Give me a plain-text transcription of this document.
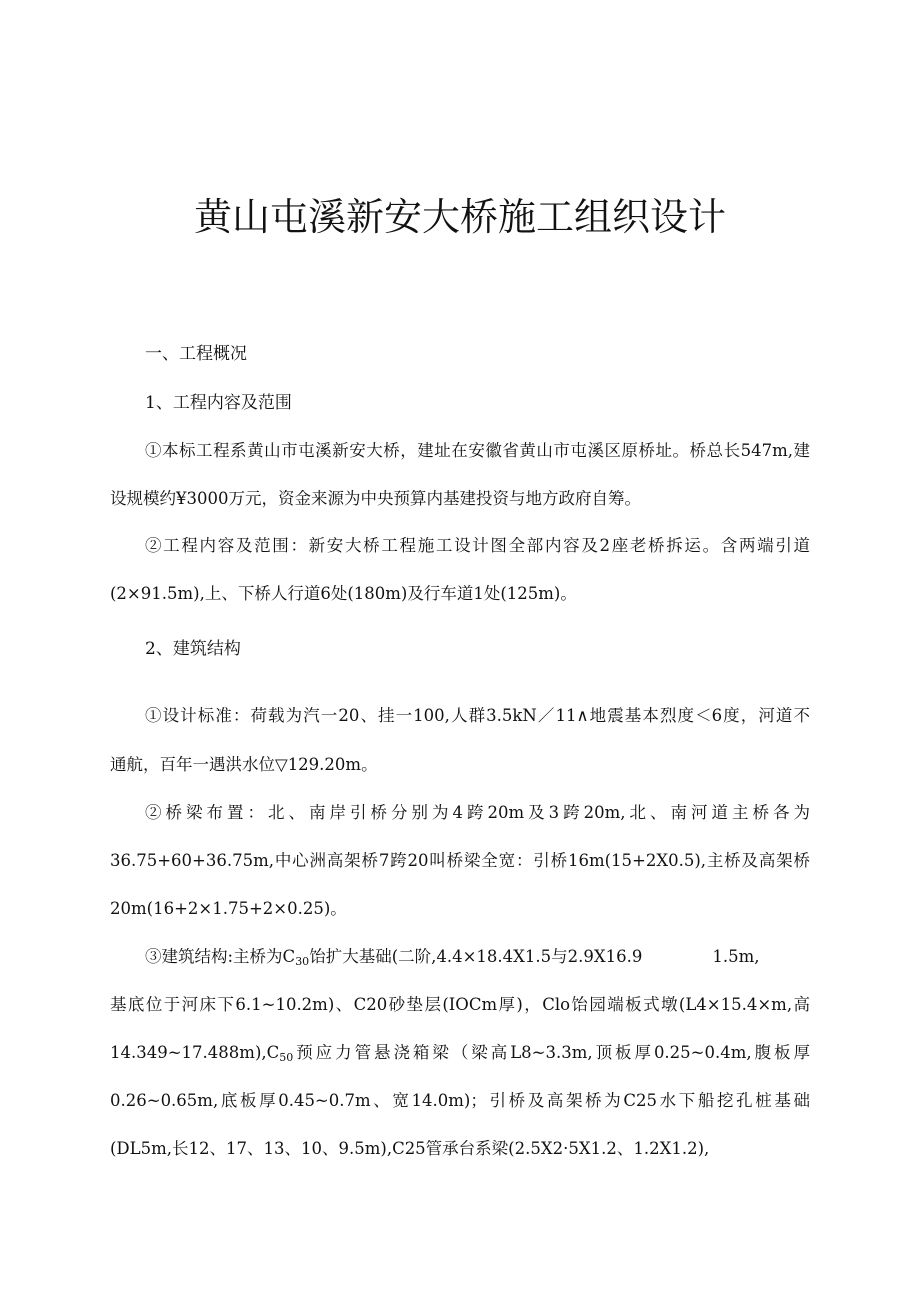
黄山屯溪新安大桥施工组织设计
一、工程概况
1、工程内容及范围
①本标工程系黄山市屯溪新安大桥，建址在安徽省黄山市屯溪区原桥址。桥总长547m,建
设规模约¥3000万元，资金来源为中央预算内基建投资与地方政府自筹。
②工程内容及范围：新安大桥工程施工设计图全部内容及2座老桥拆运。含两端引道
(2×91.5m),上、下桥人行道6处(180m)及行车道1处(125m)。
2、建筑结构
①设计标准：荷载为汽一20、挂一100,人群3.5kN／11∧地震基本烈度＜6度，河道不
通航，百年一遇洪水位▽129.20m。
②桥梁布置：北、南岸引桥分别为4跨20m及3跨20m,北、南河道主桥各为
36.75+60+36.75m,中心洲高架桥7跨20叫桥梁全宽：引桥16m(15+2X0.5),主桥及高架桥
20m(16+2×1.75+2×0.25)。
③建筑结构:主桥为$C_{30}$饴扩大基础(二阶,4.4×18.4X1.5与2.9X16.9	1.5m,
基底位于河床下6.1~10.2m)、C20砂垫层(IOCm厚)，Clo饴园端板式墩(L4×15.4×m,高
$14.349\sim 17.488m),C_{50}$预应力管悬浇箱梁（梁高L8~3.3m,顶板厚0.25~0.4m,腹板厚
0.26~0.65m,底板厚0.45~0.7m、宽14.0m)；引桥及高架桥为C25水下船挖孔桩基础
(DL5m,长12、17、13、10、9.5m),C25管承台系梁(2.5X2·5X1.2、1.2X1.2),
